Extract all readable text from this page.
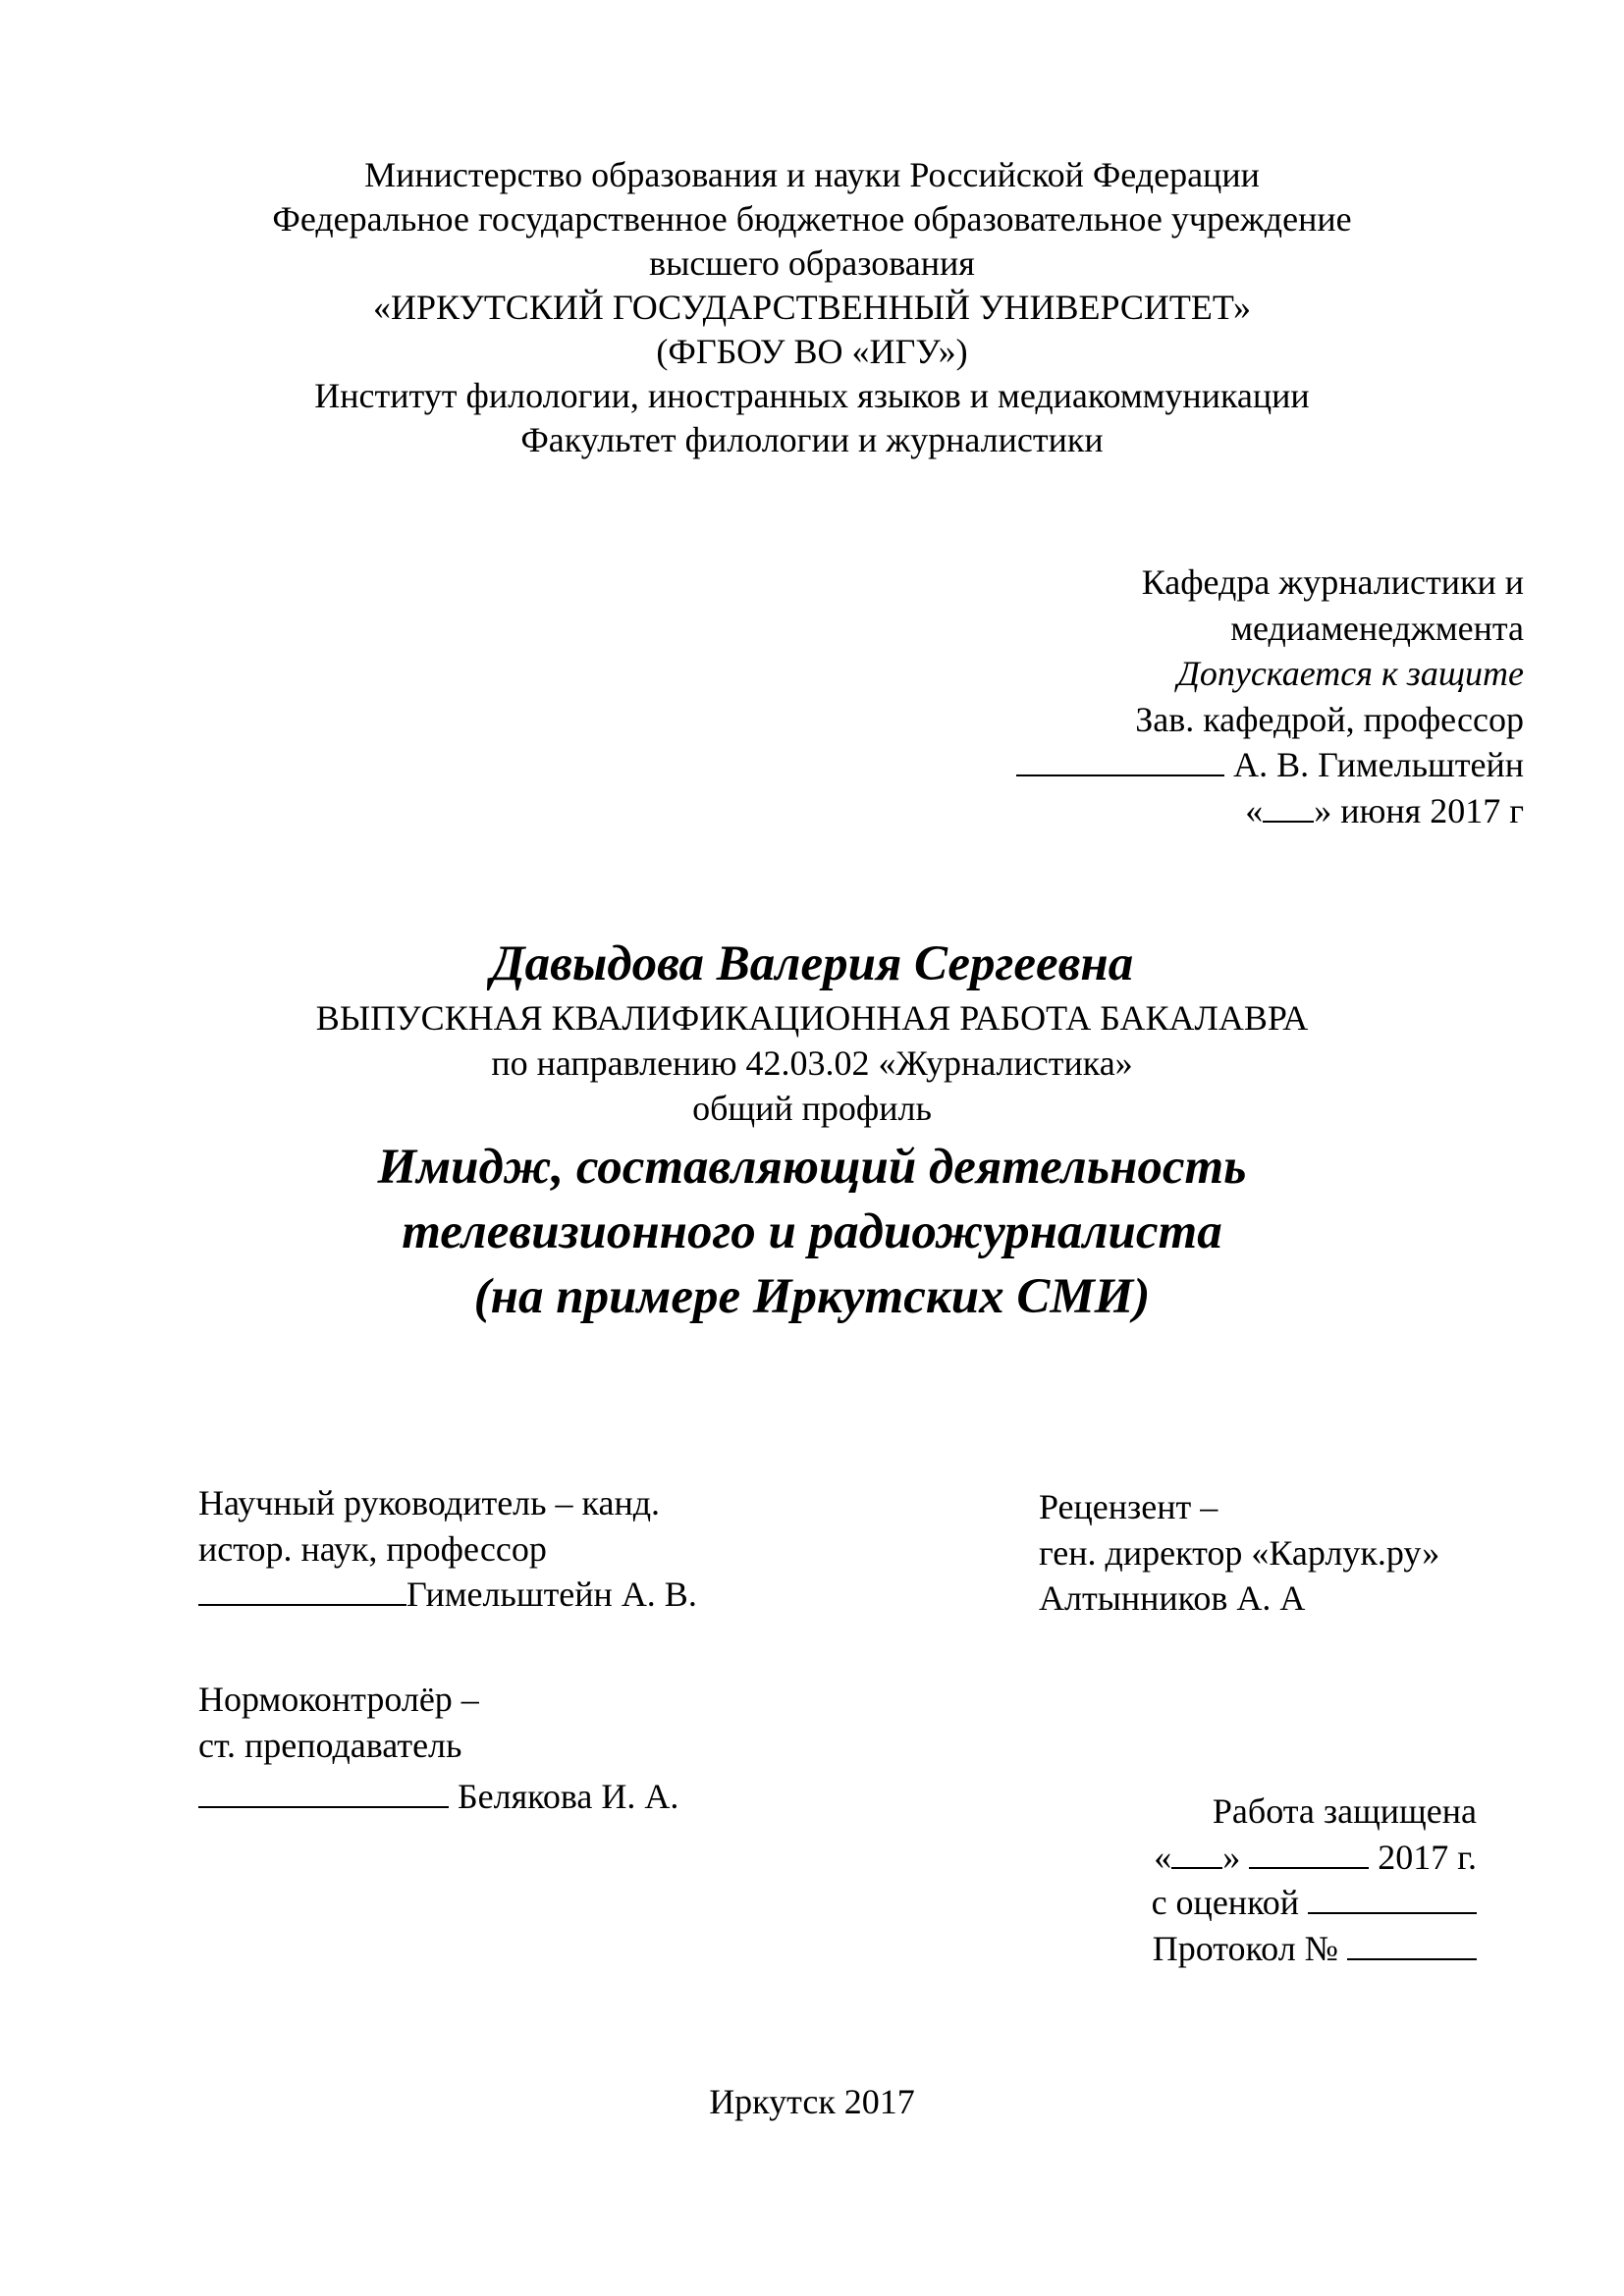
Министерство образования и науки Российской Федерации
Федеральное государственное бюджетное образовательное учреждение
высшего образования
«ИРКУТСКИЙ ГОСУДАРСТВЕННЫЙ УНИВЕРСИТЕТ»
(ФГБОУ ВО «ИГУ»)
Институт филологии, иностранных языков и медиакоммуникации
Факультет филологии и журналистики
Кафедра журналистики и
медиаменеджмента
Допускается к защите
Зав. кафедрой, профессор
А. В. Гимельштейн
« » июня 2017 г
Давыдова Валерия Сергеевна
ВЫПУСКНАЯ КВАЛИФИКАЦИОННАЯ РАБОТА БАКАЛАВРА
по направлению 42.03.02 «Журналистика»
общий профиль
Имидж, составляющий деятельность
телевизионного и радиожурналиста
(на примере Иркутских СМИ)
Научный руководитель – канд.
истор. наук, профессор
Гимельштейн А. В.
Рецензент –
ген. директор «Карлук.ру»
Алтынников А. А
Нормоконтролёр –
ст. преподаватель
Белякова И. А.	Работа защищена
« »	2017 г.
с оценкой
Протокол №
Иркутск 2017
